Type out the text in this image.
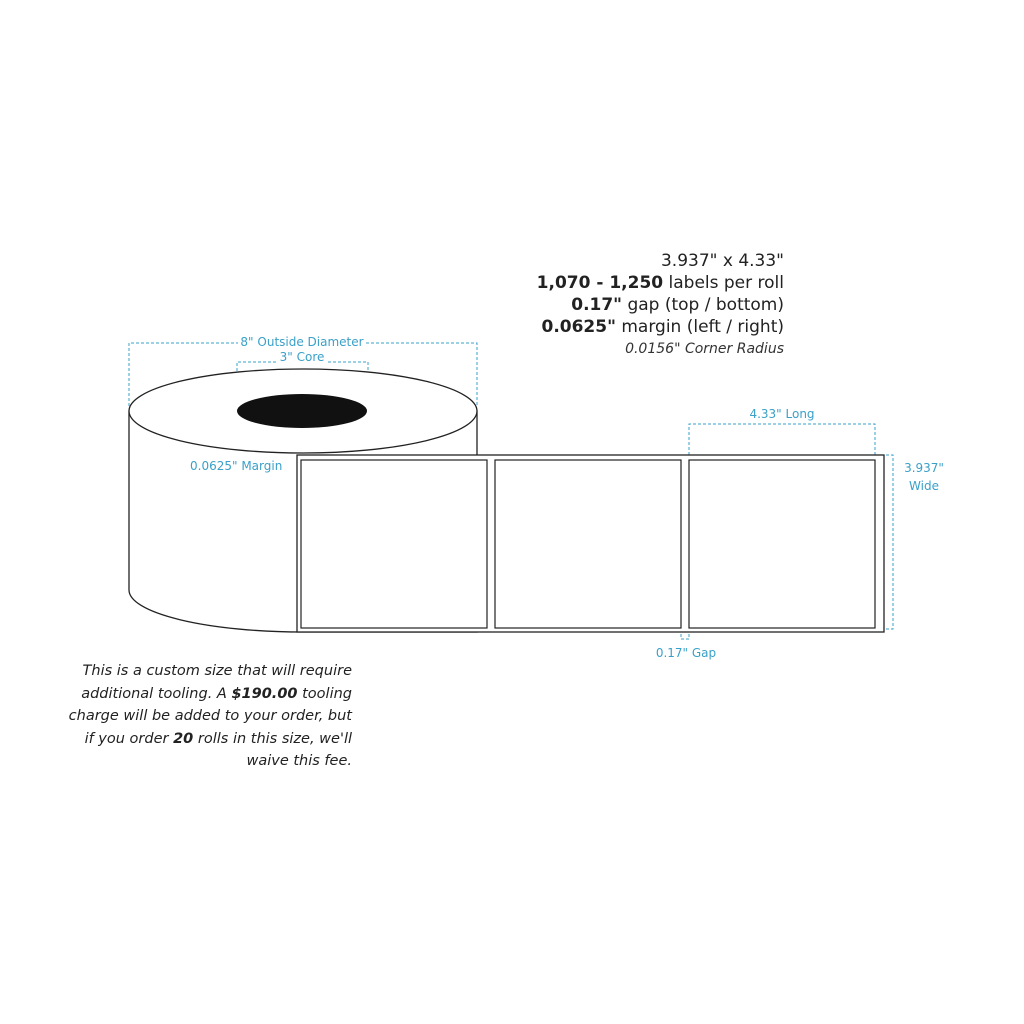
3.937" x 4.33"
1,070 - 1,250 labels per roll
0.17" gap (top / bottom)
0.0625" margin (left / right)
0.0156" Corner Radius
8" Outside Diameter
3" Core
0.0625" Margin
4.33" Long
3.937"
Wide
0.17" Gap
This is a custom size that will require additional tooling. A $190.00 tooling charge will be added to your order, but if you order 20 rolls in this size, we'll waive this fee.
